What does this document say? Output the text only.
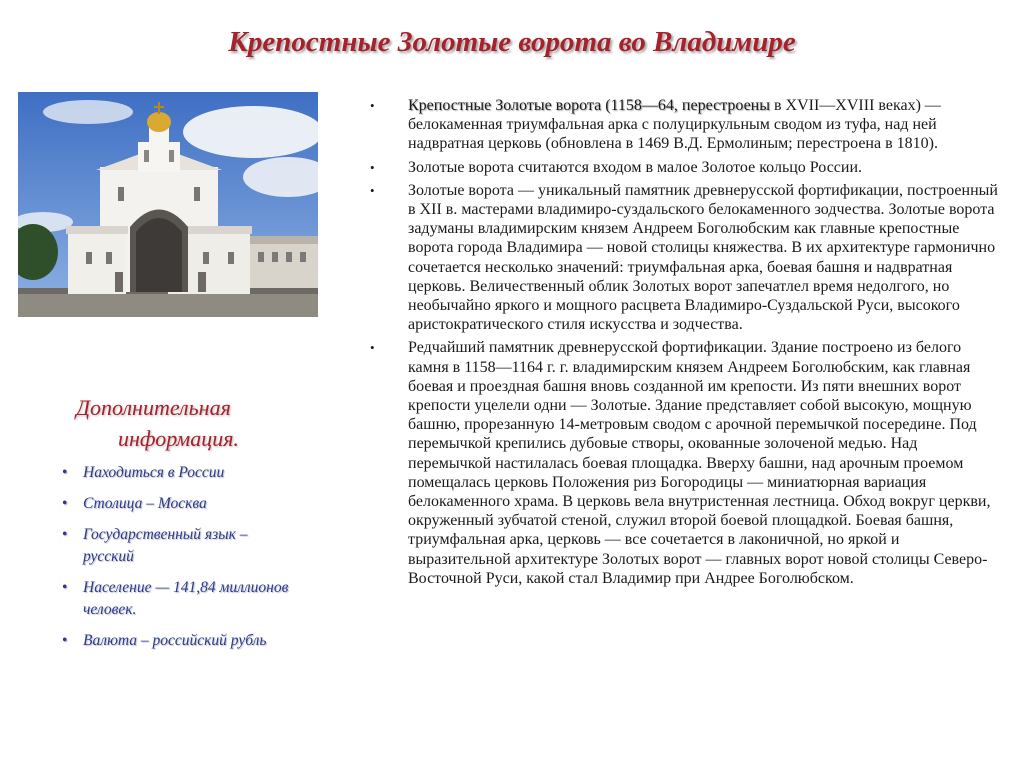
Крепостные Золотые ворота во Владимире
Дополнительная
информация.
• Находиться в России
• Столица – Москва
• Государственный язык – русский
• Население — 141,84 миллионов человек.
• Валюта – российский рубль
• Крепостные Золотые ворота (1158—64, перестроены в XVII—XVIII веках) — белокаменная триумфальная арка с полуциркульным сводом из туфа, над ней надвратная церковь (обновлена в 1469 В.Д. Ермолиным; перестроена в 1810).
• Золотые ворота считаются входом в малое Золотое кольцо России.
• Золотые ворота — уникальный памятник древнерусской фортификации, построенный в XII в. мастерами владимиро-суздальского белокаменного зодчества. Золотые ворота задуманы владимирским князем Андреем Боголюбским как главные крепостные ворота города Владимира — новой столицы княжества. В их архитектуре гармонично сочетается несколько значений: триумфальная арка, боевая башня и надвратная церковь. Величественный облик Золотых ворот запечатлел время недолгого, но необычайно яркого и мощного расцвета Владимиро-Суздальской Руси, высокого аристократического стиля искусства и зодчества.
• Редчайший памятник древнерусской фортификации. Здание построено из белого камня в 1158—1164 г. г. владимирским князем Андреем Боголюбским, как главная боевая и проездная башня вновь созданной им крепости. Из пяти внешних ворот крепости уцелели одни — Золотые. Здание представляет собой высокую, мощную башню, прорезанную 14-метровым сводом с арочной перемычкой посередине. Под перемычкой крепились дубовые створы, окованные золоченой медью. Над перемычкой настилалась боевая площадка. Вверху башни, над арочным проемом помещалась церковь Положения риз Богородицы — миниатюрная вариация белокаменного храма. В церковь вела внутристенная лестница. Обход вокруг церкви, окруженный зубчатой стеной, служил второй боевой площадкой. Боевая башня, триумфальная арка, церковь — все сочетается в лаконичной, но яркой и выразительной архитектуре Золотых ворот — главных ворот новой столицы Северо-Восточной Руси, какой стал Владимир при Андрее Боголюбском.
